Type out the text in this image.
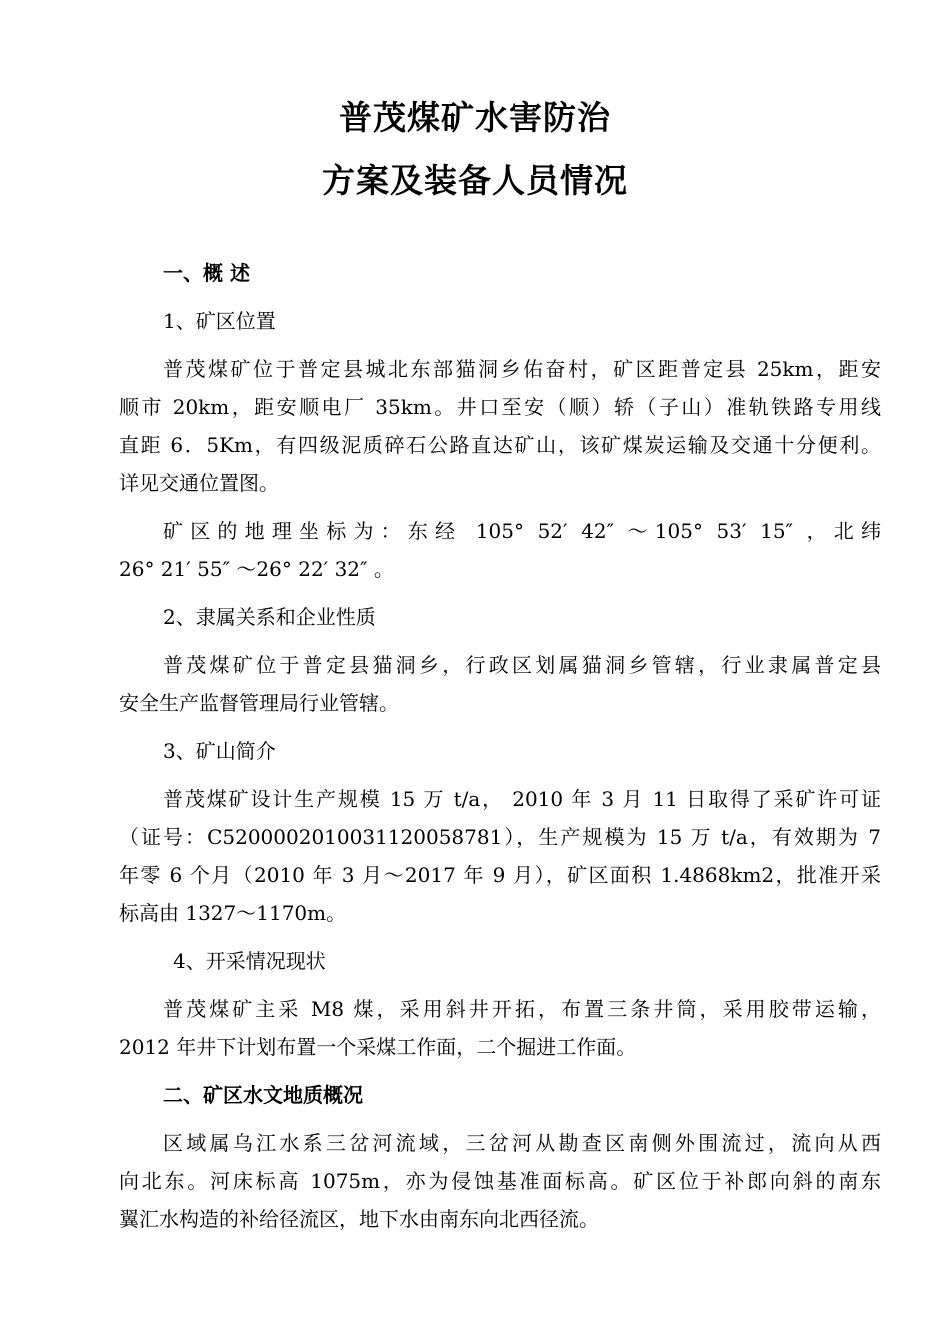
普茂煤矿水害防治
方案及装备人员情况

一、概 述

1、矿区位置

普茂煤矿位于普定县城北东部猫洞乡佑奋村，矿区距普定县 25km，距安

顺市 20km，距安顺电厂 35km。井口至安（顺）轿（子山）准轨铁路专用线

直距 6．5Km，有四级泥质碎石公路直达矿山，该矿煤炭运输及交通十分便利。

详见交通位置图。

矿区的地理坐标为：东经 105° 52′ 42″ ～105° 53′ 15″ ，北纬

26° 21′ 55″ ～26° 22′ 32″ 。

2、隶属关系和企业性质

普茂煤矿位于普定县猫洞乡，行政区划属猫洞乡管辖，行业隶属普定县

安全生产监督管理局行业管辖。

3、矿山简介

普茂煤矿设计生产规模 15 万 t/a， 2010 年 3 月 11 日取得了采矿许可证

（证号：C5200002010031120058781），生产规模为 15 万 t/a，有效期为 7

年零 6 个月（2010 年 3 月～2017 年 9 月），矿区面积 1.4868km2，批准开采

标高由 1327～1170m。

4、开采情况现状

普茂煤矿主采 M8 煤，采用斜井开拓，布置三条井筒，采用胶带运输，

2012 年井下计划布置一个采煤工作面，二个掘进工作面。

二、矿区水文地质概况

区域属乌江水系三岔河流域，三岔河从勘查区南侧外围流过，流向从西

向北东。河床标高 1075m，亦为侵蚀基准面标高。矿区位于补郎向斜的南东

翼汇水构造的补给径流区，地下水由南东向北西径流。
